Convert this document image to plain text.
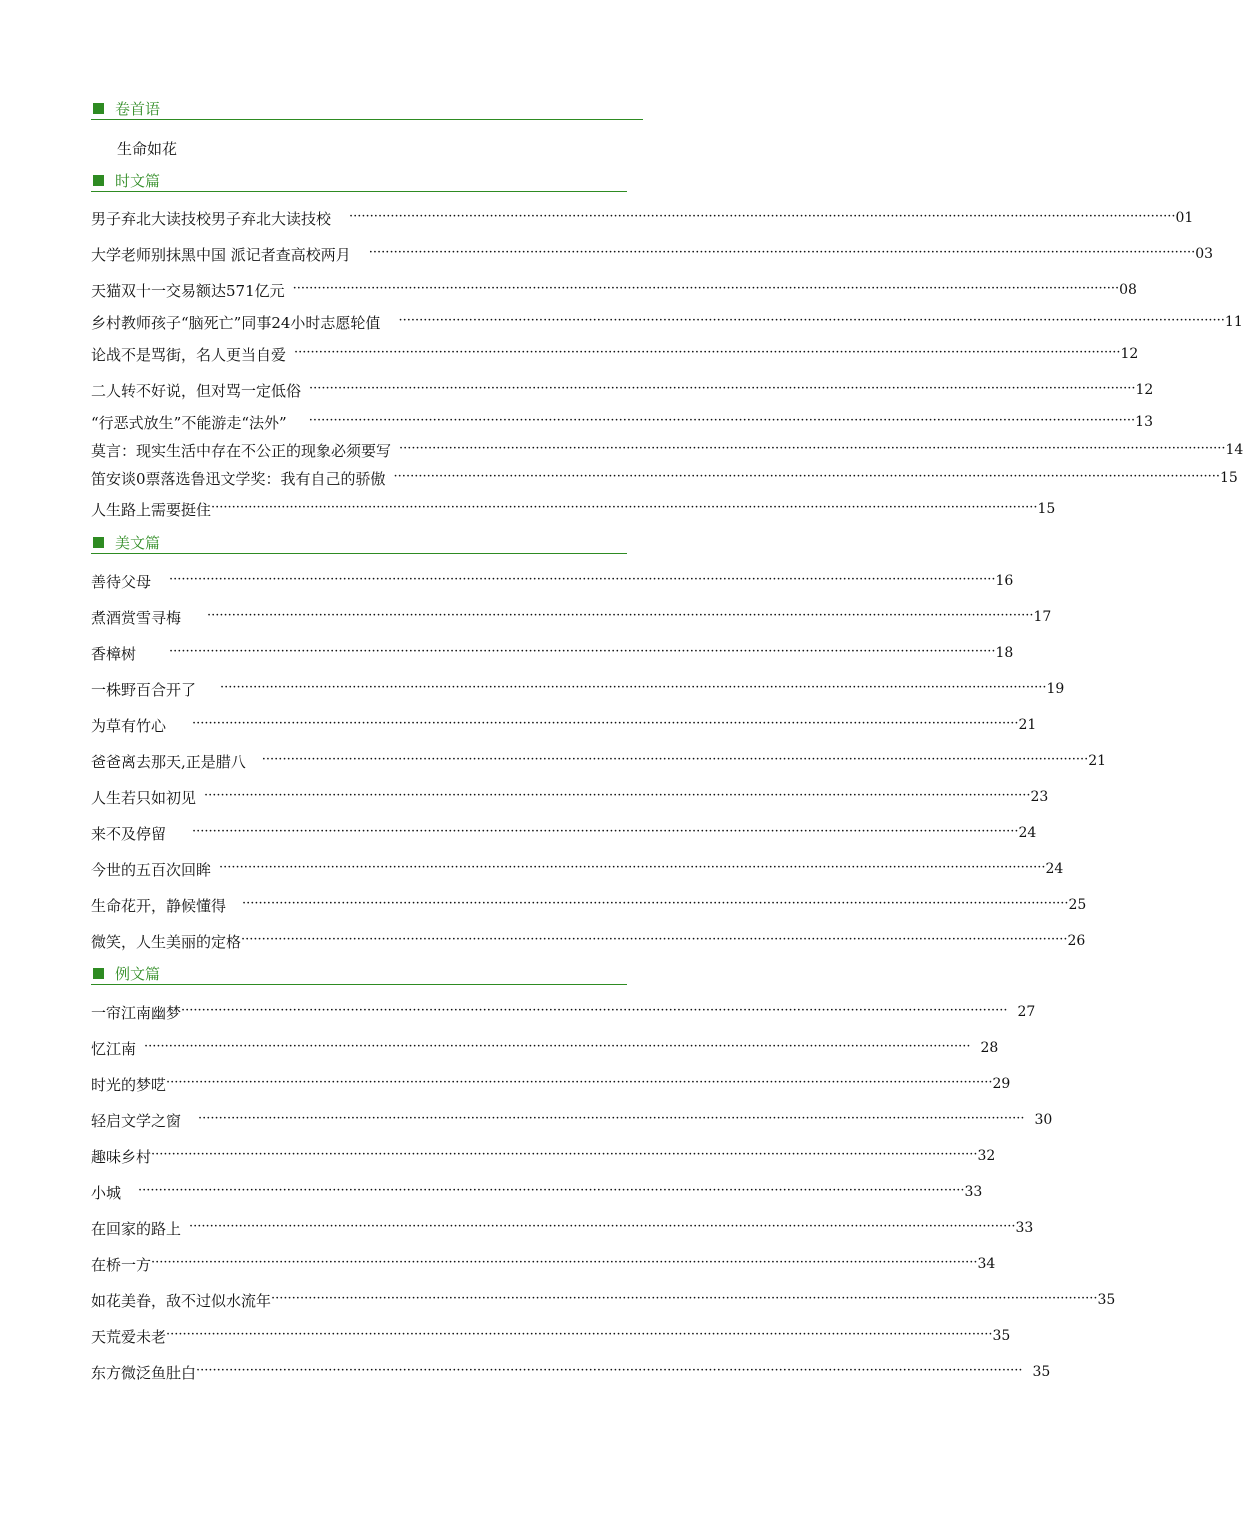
卷首语
生命如花
时文篇
男子弃北大读技校男子弃北大读技校 ········································································································································································································ 01
大学老师别抹黑中国 派记者查高校两月 ········································································································································································································ 03
天猫双十一交易额达571亿元 ········································································································································································································ 08
乡村教师孩子“脑死亡”同事24小时志愿轮值 ········································································································································································································ 11
论战不是骂街，名人更当自爱 ········································································································································································································ 12
二人转不好说，但对骂一定低俗 ········································································································································································································ 12
“行恶式放生”不能游走“法外” ········································································································································································································ 13
莫言：现实生活中存在不公正的现象必须要写 ········································································································································································································ 14
笛安谈0票落选鲁迅文学奖：我有自己的骄傲 ········································································································································································································ 15
人生路上需要挺住 ········································································································································································································ 15
美文篇
善待父母 ········································································································································································································ 16
煮酒赏雪寻梅 ········································································································································································································ 17
香樟树	········································································································································································································ 18
一株野百合开了 ········································································································································································································ 19
为草有竹心 ········································································································································································································ 21
爸爸离去那天,正是腊八 ········································································································································································································ 21
人生若只如初见 ········································································································································································································ 23
来不及停留 ········································································································································································································ 24
今世的五百次回眸 ········································································································································································································ 24
生命花开，静候懂得 ········································································································································································································ 25
微笑，人生美丽的定格 ········································································································································································································ 26
例文篇
一帘江南幽梦 ········································································································································································································ 27
忆江南 ········································································································································································································ 28
时光的梦呓 ········································································································································································································ 29
轻启文学之窗 ········································································································································································································ 30
趣味乡村 ········································································································································································································ 32
小城 ········································································································································································································ 33
在回家的路上 ········································································································································································································ 33
在桥一方 ········································································································································································································ 34
如花美眷，敌不过似水流年 ········································································································································································································ 35
天荒爱未老 ········································································································································································································ 35
东方微泛鱼肚白 ········································································································································································································ 35
